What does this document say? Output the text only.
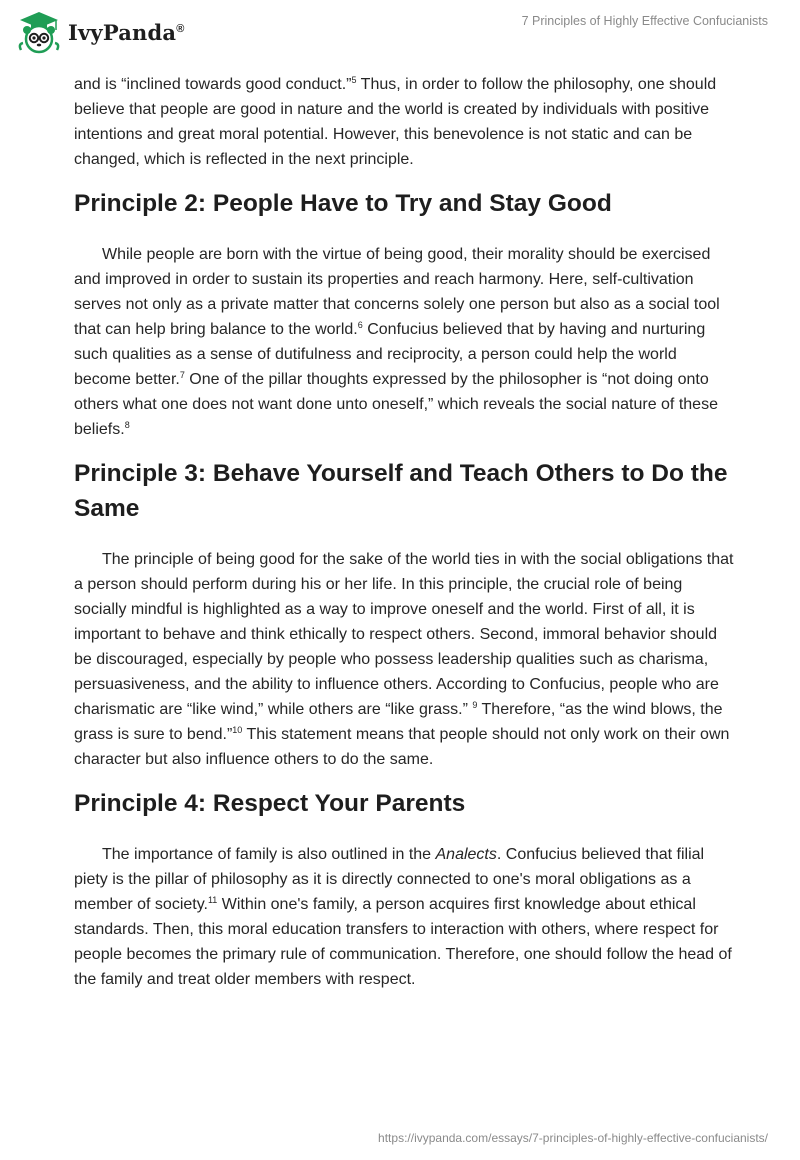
IvyPanda®
7 Principles of Highly Effective Confucianists

and is “inclined towards good conduct.”$^5$ Thus, in order to follow the philosophy, one should believe that people are good in nature and the world is created by individuals with positive intentions and great moral potential. However, this benevolence is not static and can be changed, which is reflected in the next principle.

Principle 2: People Have to Try and Stay Good

While people are born with the virtue of being good, their morality should be exercised and improved in order to sustain its properties and reach harmony. Here, self-cultivation serves not only as a private matter that concerns solely one person but also as a social tool that can help bring balance to the world.$^6$ Confucius believed that by having and nurturing such qualities as a sense of dutifulness and reciprocity, a person could help the world become better.$^7$ One of the pillar thoughts expressed by the philosopher is “not doing onto others what one does not want done unto oneself,” which reveals the social nature of these beliefs.$^8$

Principle 3: Behave Yourself and Teach Others to Do the Same

The principle of being good for the sake of the world ties in with the social obligations that a person should perform during his or her life. In this principle, the crucial role of being socially mindful is highlighted as a way to improve oneself and the world. First of all, it is important to behave and think ethically to respect others. Second, immoral behavior should be discouraged, especially by people who possess leadership qualities such as charisma, persuasiveness, and the ability to influence others. According to Confucius, people who are charismatic are “like wind,” while others are “like grass.” $^9$ Therefore, “as the wind blows, the grass is sure to bend.”$^{10}$ This statement means that people should not only work on their own character but also influence others to do the same.

Principle 4: Respect Your Parents

The importance of family is also outlined in the Analects. Confucius believed that filial piety is the pillar of philosophy as it is directly connected to one's moral obligations as a member of society.$^{11}$ Within one's family, a person acquires first knowledge about ethical standards. Then, this moral education transfers to interaction with others, where respect for people becomes the primary rule of communication. Therefore, one should follow the head of the family and treat older members with respect.

https://ivypanda.com/essays/7-principles-of-highly-effective-confucianists/
